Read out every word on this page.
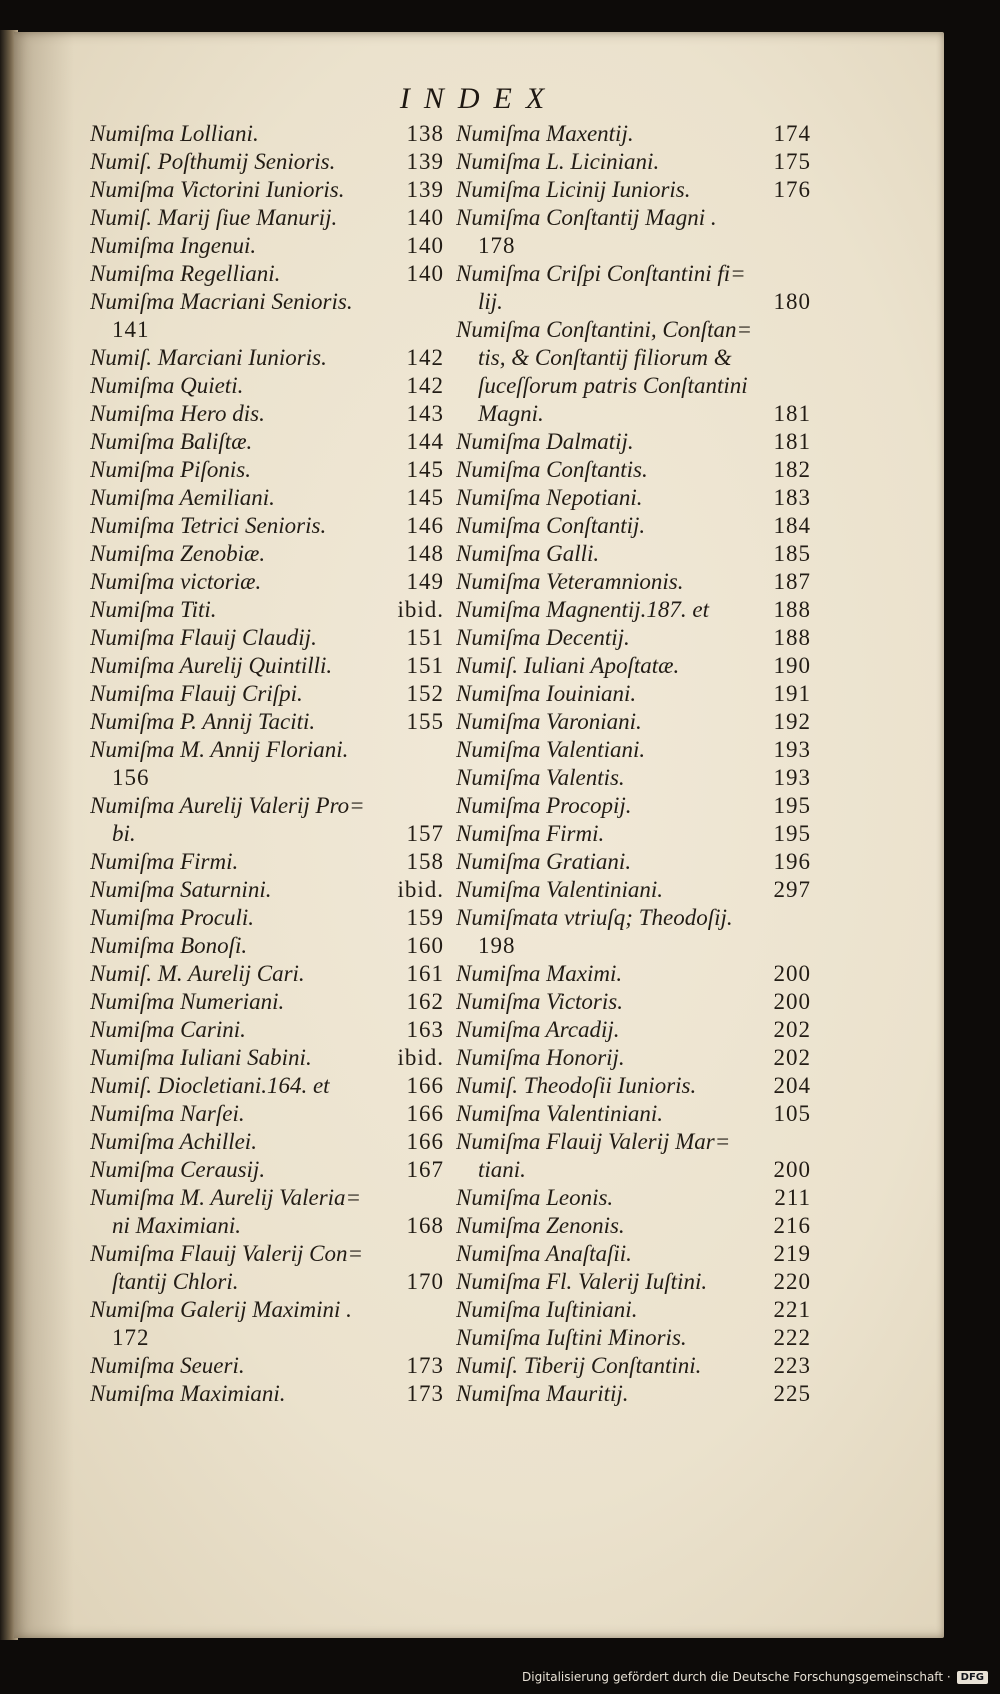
INDEX
Numiſma Lolliani.	138
Numiſ. Poſthumij Senioris.	139
Numiſma Victorini Iunioris.	139
Numiſ. Marij ſiue Manurij.	140
Numiſma Ingenui.	140
Numiſma Regelliani.	140
Numiſma Macriani Senioris.
141
Numiſ. Marciani Iunioris.	142
Numiſma Quieti.	142
Numiſma Hero dis.	143
Numiſma Baliſtæ.	144
Numiſma Piſonis.	145
Numiſma Aemiliani.	145
Numiſma Tetrici Senioris.	146
Numiſma Zenobiæ.	148
Numiſma victoriæ.	149
Numiſma Titi.	ibid.
Numiſma Flauij Claudij.	151
Numiſma Aurelij Quintilli.	151
Numiſma Flauij Criſpi.	152
Numiſma P. Annij Taciti.	155
Numiſma M. Annij Floriani.
156
Numiſma Aurelij Valerij Pro=
bi.	157
Numiſma Firmi.	158
Numiſma Saturnini.	ibid.
Numiſma Proculi.	159
Numiſma Bonoſi.	160
Numiſ. M. Aurelij Cari.	161
Numiſma Numeriani.	162
Numiſma Carini.	163
Numiſma Iuliani Sabini.	ibid.
Numiſ. Diocletiani.164. et	166
Numiſma Narſei.	166
Numiſma Achillei.	166
Numiſma Cerausij.	167
Numiſma M. Aurelij Valeria=
ni Maximiani.	168
Numiſma Flauij Valerij Con=
ſtantij Chlori.	170
Numiſma Galerij Maximini .
172
Numiſma Seueri.	173
Numiſma Maximiani.	173
Numiſma Maxentij.	174
Numiſma L. Liciniani.	175
Numiſma Licinij Iunioris.	176
Numiſma Conſtantij Magni .
178
Numiſma Criſpi Conſtantini fi=
lij.	180
Numiſma Conſtantini, Conſtan=
tis, & Conſtantij filiorum &
ſuceſſorum patris Conſtantini
Magni.	181
Numiſma Dalmatij.	181
Numiſma Conſtantis.	182
Numiſma Nepotiani.	183
Numiſma Conſtantij.	184
Numiſma Galli.	185
Numiſma Veteramnionis.	187
Numiſma Magnentij.187. et	188
Numiſma Decentij.	188
Numiſ. Iuliani Apoſtatæ.	190
Numiſma Iouiniani.	191
Numiſma Varoniani.	192
Numiſma Valentiani.	193
Numiſma Valentis.	193
Numiſma Procopij.	195
Numiſma Firmi.	195
Numiſma Gratiani.	196
Numiſma Valentiniani.	297
Numiſmata vtriuſq; Theodoſij.
198
Numiſma Maximi.	200
Numiſma Victoris.	200
Numiſma Arcadij.	202
Numiſma Honorij.	202
Numiſ. Theodoſii Iunioris.	204
Numiſma Valentiniani.	105
Numiſma Flauij Valerij Mar=
tiani.	200
Numiſma Leonis.	211
Numiſma Zenonis.	216
Numiſma Anaſtaſii.	219
Numiſma Fl. Valerij Iuſtini.	220
Numiſma Iuſtiniani.	221
Numiſma Iuſtini Minoris.	222
Numiſ. Tiberij Conſtantini.	223
Numiſma Mauritij.	225
Digitalisierung gefördert durch die Deutsche Forschungsgemeinschaft ·	DFG
